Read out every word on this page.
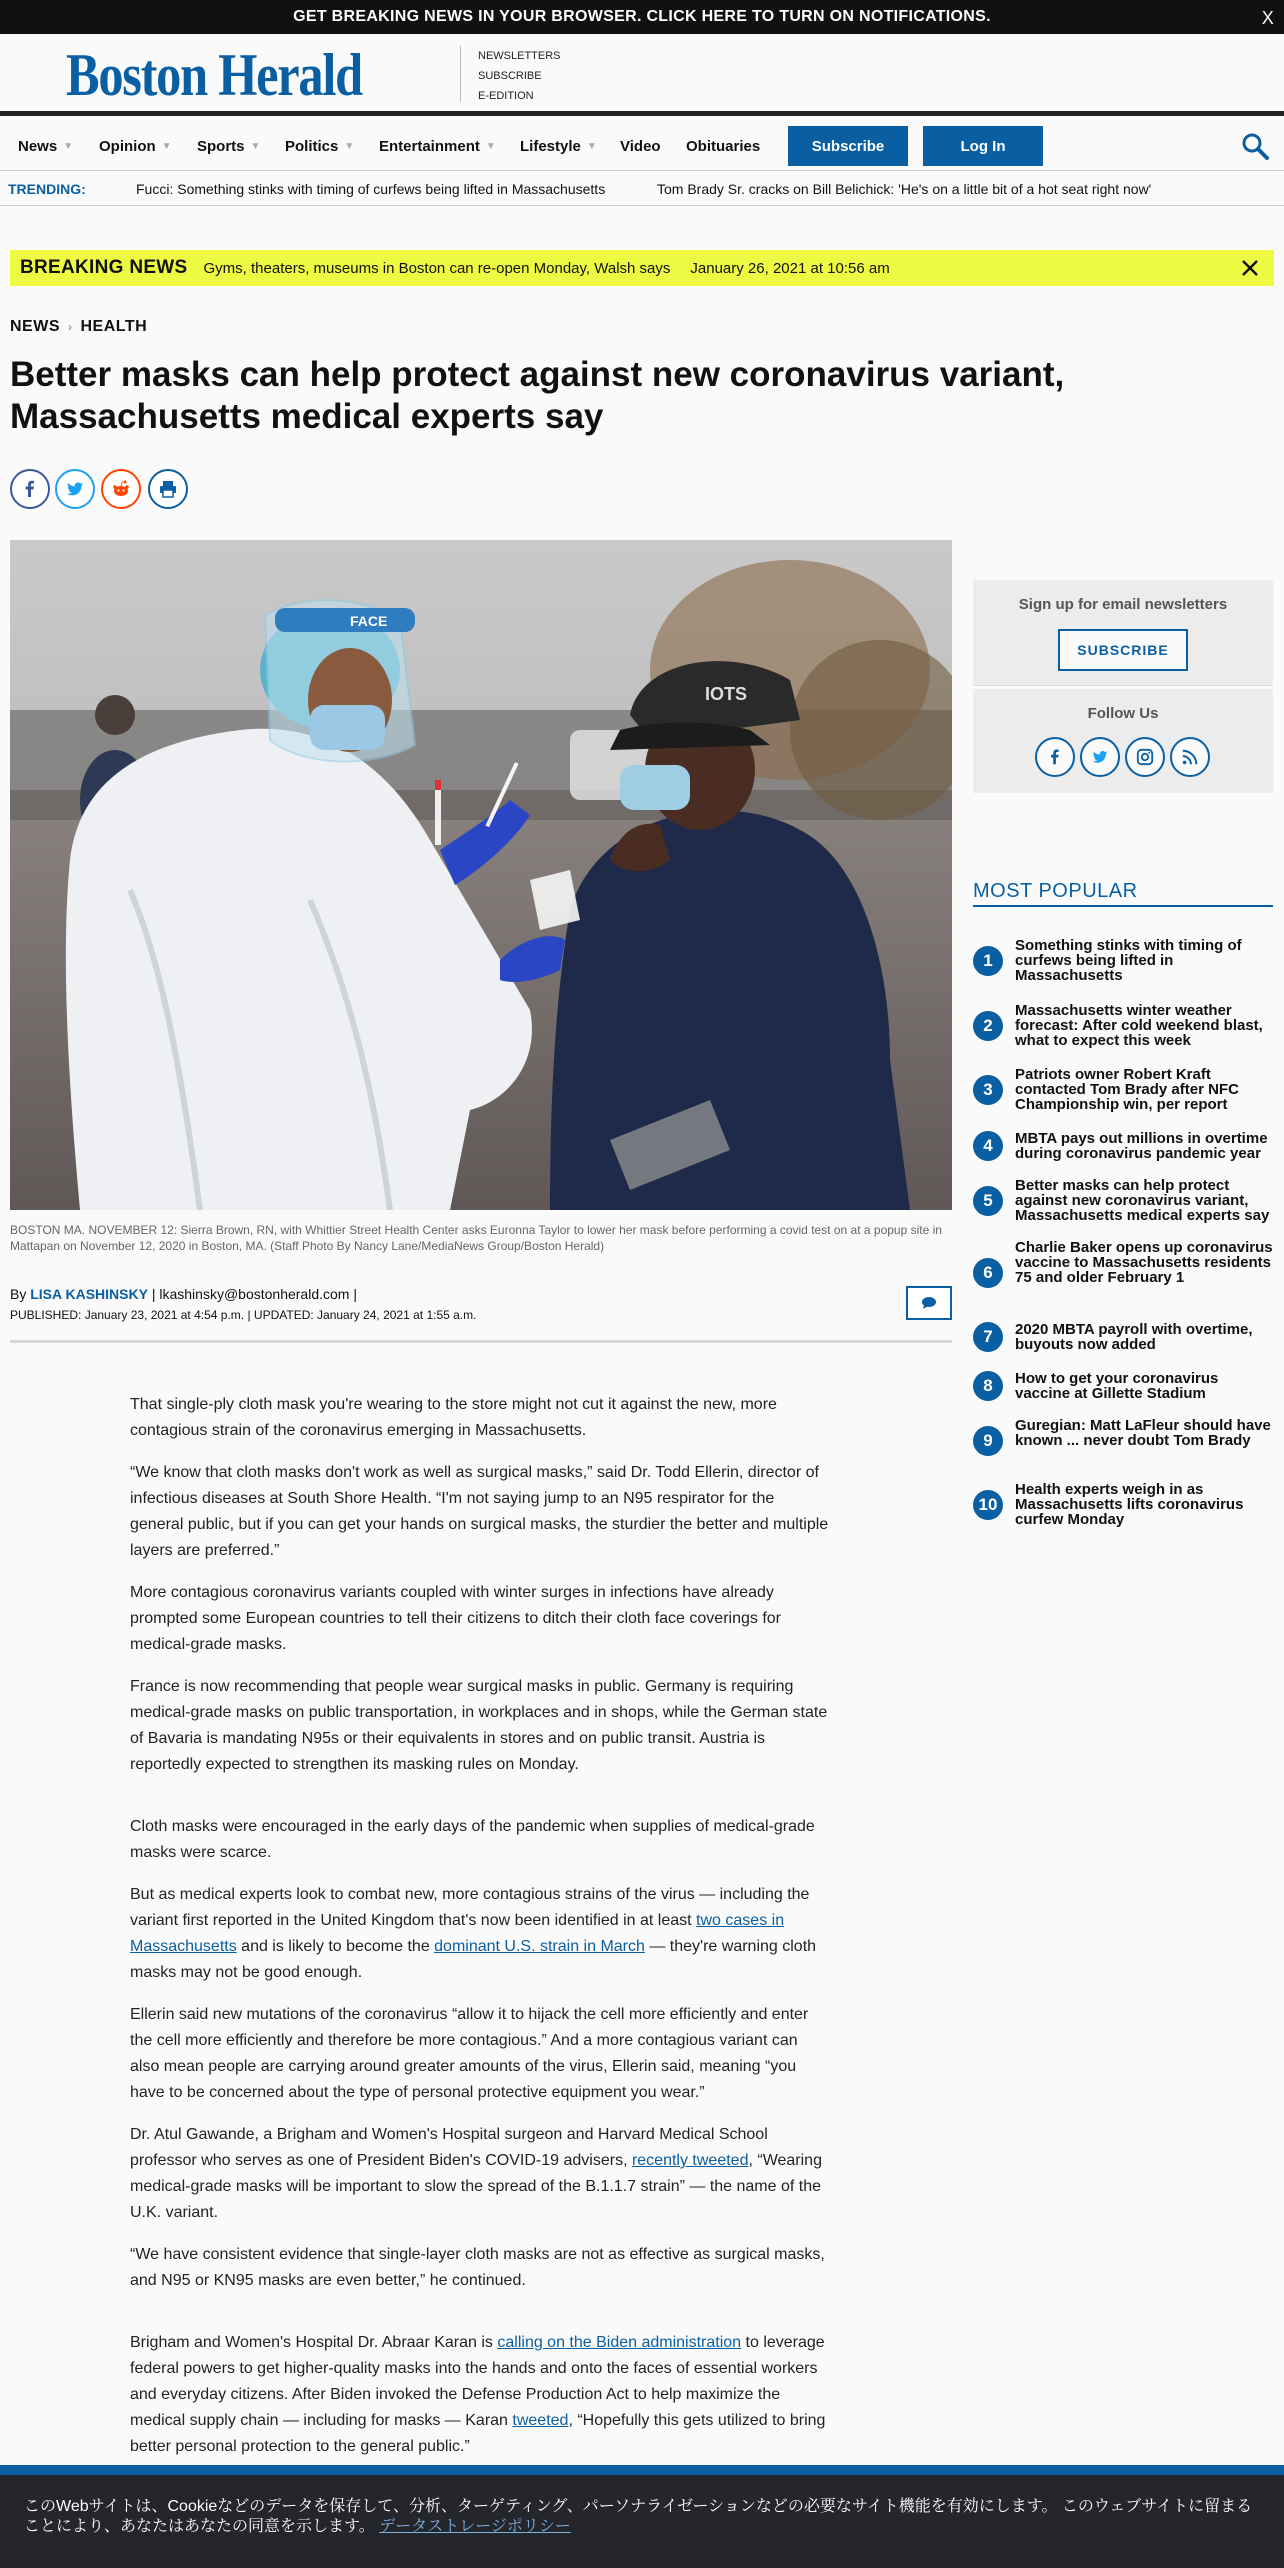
GET BREAKING NEWS IN YOUR BROWSER. CLICK HERE TO TURN ON NOTIFICATIONS.	X
Boston Herald	NEWSLETTERS
SUBSCRIBE
E-EDITION
News ▼ Opinion ▼ Sports ▼ Politics ▼ Entertainment ▼ Lifestyle ▼ Video Obituaries	Subscribe	Log In
TRENDING:	Fucci: Something stinks with timing of curfews being lifted in Massachusetts	Tom Brady Sr. cracks on Bill Belichick: 'He's on a little bit of a hot seat right now'
BREAKING NEWS Gyms, theaters, museums in Boston can re-open Monday, Walsh says January 26, 2021 at 10:56 am
NEWS › HEALTH
Better masks can help protect against new coronavirus variant, Massachusetts medical experts say
FACE
IOTS
BOSTON MA. NOVEMBER 12: Sierra Brown, RN, with Whittier Street Health Center asks Euronna Taylor to lower her mask before performing a covid test on at a popup site in Mattapan on November 12, 2020 in Boston, MA. (Staff Photo By Nancy Lane/MediaNews Group/Boston Herald)
By LISA KASHINSKY | lkashinsky@bostonherald.com |
PUBLISHED: January 23, 2021 at 4:54 p.m. | UPDATED: January 24, 2021 at 1:55 a.m.

That single-ply cloth mask you're wearing to the store might not cut it against the new, more contagious strain of the coronavirus emerging in Massachusetts.

“We know that cloth masks don't work as well as surgical masks,” said Dr. Todd Ellerin, director of infectious diseases at South Shore Health. “I'm not saying jump to an N95 respirator for the general public, but if you can get your hands on surgical masks, the sturdier the better and multiple layers are preferred.”

More contagious coronavirus variants coupled with winter surges in infections have already prompted some European countries to tell their citizens to ditch their cloth face coverings for medical-grade masks.

France is now recommending that people wear surgical masks in public. Germany is requiring medical-grade masks on public transportation, in workplaces and in shops, while the German state of Bavaria is mandating N95s or their equivalents in stores and on public transit. Austria is reportedly expected to strengthen its masking rules on Monday.

Cloth masks were encouraged in the early days of the pandemic when supplies of medical-grade masks were scarce.

But as medical experts look to combat new, more contagious strains of the virus — including the variant first reported in the United Kingdom that's now been identified in at least two cases in Massachusetts and is likely to become the dominant U.S. strain in March — they're warning cloth masks may not be good enough.

Ellerin said new mutations of the coronavirus “allow it to hijack the cell more efficiently and enter the cell more efficiently and therefore be more contagious.” And a more contagious variant can also mean people are carrying around greater amounts of the virus, Ellerin said, meaning “you have to be concerned about the type of personal protective equipment you wear.”

Dr. Atul Gawande, a Brigham and Women's Hospital surgeon and Harvard Medical School professor who serves as one of President Biden's COVID-19 advisers, recently tweeted, “Wearing medical-grade masks will be important to slow the spread of the B.1.1.7 strain” — the name of the U.K. variant.

“We have consistent evidence that single-layer cloth masks are not as effective as surgical masks, and N95 or KN95 masks are even better,” he continued.

Brigham and Women's Hospital Dr. Abraar Karan is calling on the Biden administration to leverage federal powers to get higher-quality masks into the hands and onto the faces of essential workers and everyday citizens. After Biden invoked the Defense Production Act to help maximize the medical supply chain — including for masks — Karan tweeted, “Hopefully this gets utilized to bring better personal protection to the general public.”

Sign up for email newsletters
SUBSCRIBE
Follow Us
MOST POPULAR
1
Something stinks with timing of curfews being lifted in Massachusetts
2
Massachusetts winter weather forecast: After cold weekend blast, what to expect this week
3
Patriots owner Robert Kraft contacted Tom Brady after NFC Championship win, per report
4	MBTA pays out millions in overtime during coronavirus pandemic year
5
Better masks can help protect against new coronavirus variant, Massachusetts medical experts say
6
Charlie Baker opens up coronavirus vaccine to Massachusetts residents 75 and older February 1
7	2020 MBTA payroll with overtime, buyouts now added
8	How to get your coronavirus vaccine at Gillette Stadium
9
Guregian: Matt LaFleur should have known ... never doubt Tom Brady
10
Health experts weigh in as Massachusetts lifts coronavirus curfew Monday
このWebサイトは、Cookieなどのデータを保存して、分析、ターゲティング、パーソナライゼーションなどの必要なサイト機能を有効にします。 このウェブサイトに留まることにより、あなたはあなたの同意を示します。 データストレージポリシー
